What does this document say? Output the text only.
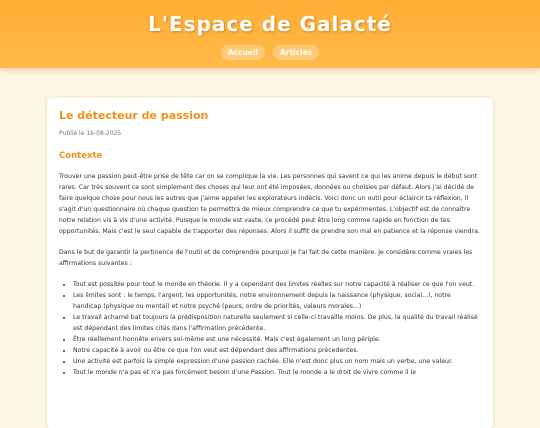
L'Espace de Galacté
Accueil	Articles
Le détecteur de passion
Publié le 16-08-2025
Contexte

Trouver une passion peut-être prise de tête car on se complique la vie. Les personnes qui savent ce qui les anime depuis le début sont rares. Car très souvent ce sont simplement des choses qui leur ont été imposées, données ou choisies par défaut. Alors j'ai décidé de faire quelque chose pour nous les autres que j'aime appeler les explorateurs indécis. Voici donc un outil pour éclaircir ta réflexion. Il s'agit d'un questionnaire où chaque question te permettra de mieux comprendre ce que tu expérimentes. L'objectif est de connaître notre relation vis à vis d'une activité. Puisque le monde est vaste, ce procédé peut être long comme rapide en fonction de tes opportunités. Mais c'est le seul capable de t'apporter des réponses. Alors il suffit de prendre son mal en patience et la réponse viendra.

Dans le but de garantir la pertinence de l'outil et de comprendre pourquoi je l'ai fait de cette manière. Je considère comme vraies les affirmations suivantes :

• Tout est possible pour tout le monde en théorie. Il y a cependant des limites réelles sur notre capacité à réaliser ce que l'on veut.
• Les limites sont : le temps, l'argent, les opportunités, notre environnement depuis la naissance (physique, social...), notre handicap (physique ou mental) et notre psyché (peurs, ordre de priorités, valeurs morales...)
• Le travail acharné bat toujours la prédisposition naturelle seulement si celle-ci travaille moins. De plus, la qualité du travail réalisé est dépendant des limites cités dans l'affirmation précédente.
• Être réellement honnête envers soi-même est une nécessité. Mais c'est également un long périple.
• Notre capacité à avoir ou être ce que l'on veut est dépendant des affirmations précedentes.
• Une activité est parfois la simple expression d'une passion cachée. Elle n'est donc plus un nom mais un verbe, une valeur.
• Tout le monde n'a pas et n'a pas forcément besoin d'une Passion. Tout le monde a le droit de vivre comme il le
